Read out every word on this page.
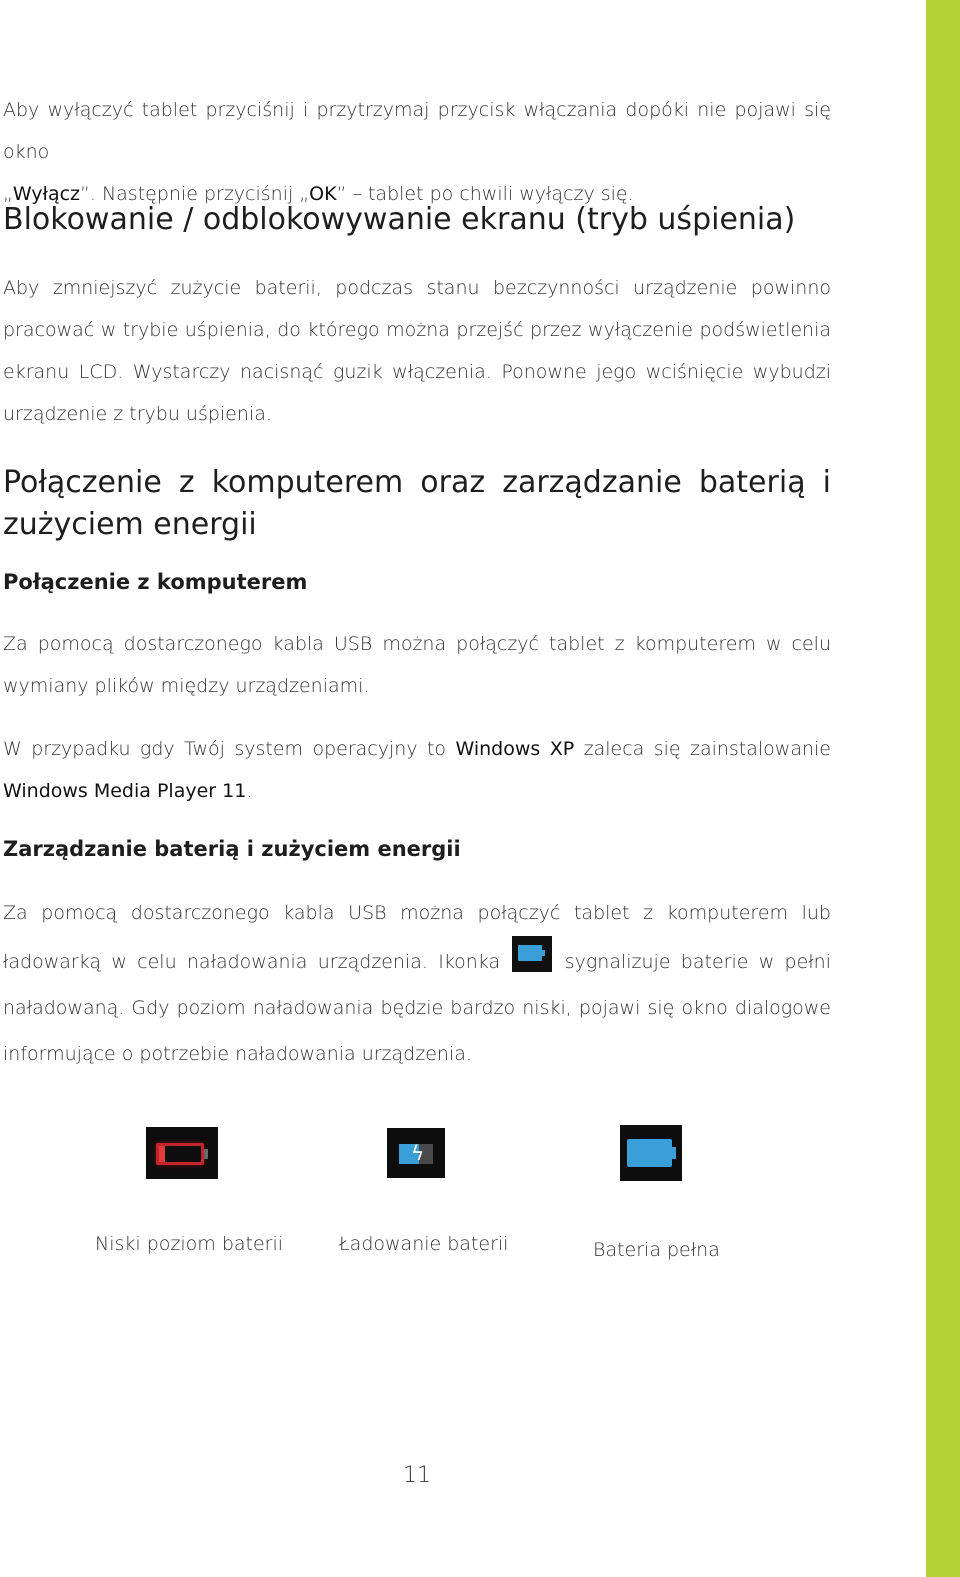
Aby wyłączyć tablet przyciśnij i przytrzymaj przycisk włączania dopóki nie pojawi się okno
„Wyłącz”. Następnie przyciśnij „OK” – tablet po chwili wyłączy się.

Blokowanie / odblokowywanie ekranu (tryb uśpienia)

Aby zmniejszyć zużycie baterii, podczas stanu bezczynności urządzenie powinno pracować w trybie uśpienia, do którego można przejść przez wyłączenie podświetlenia ekranu LCD. Wystarczy nacisnąć guzik włączenia. Ponowne jego wciśnięcie wybudzi urządzenie z trybu uśpienia.

Połączenie z komputerem oraz zarządzanie baterią i zużyciem energii
Połączenie z komputerem

Za pomocą dostarczonego kabla USB można połączyć tablet z komputerem w celu wymiany plików między urządzeniami.

W przypadku gdy Twój system operacyjny to Windows XP zaleca się zainstalowanie Windows Media Player 11.

Zarządzanie baterią i zużyciem energii

Za pomocą dostarczonego kabla USB można połączyć tablet z komputerem lub ładowarką w celu naładowania urządzenia. Ikonka	sygnalizuje baterie w pełni naładowaną. Gdy poziom naładowania będzie bardzo niski, pojawi się okno dialogowe informujące o potrzebie naładowania urządzenia.

Niski poziom baterii
ϟ
Ładowanie baterii	Bateria pełna
11
